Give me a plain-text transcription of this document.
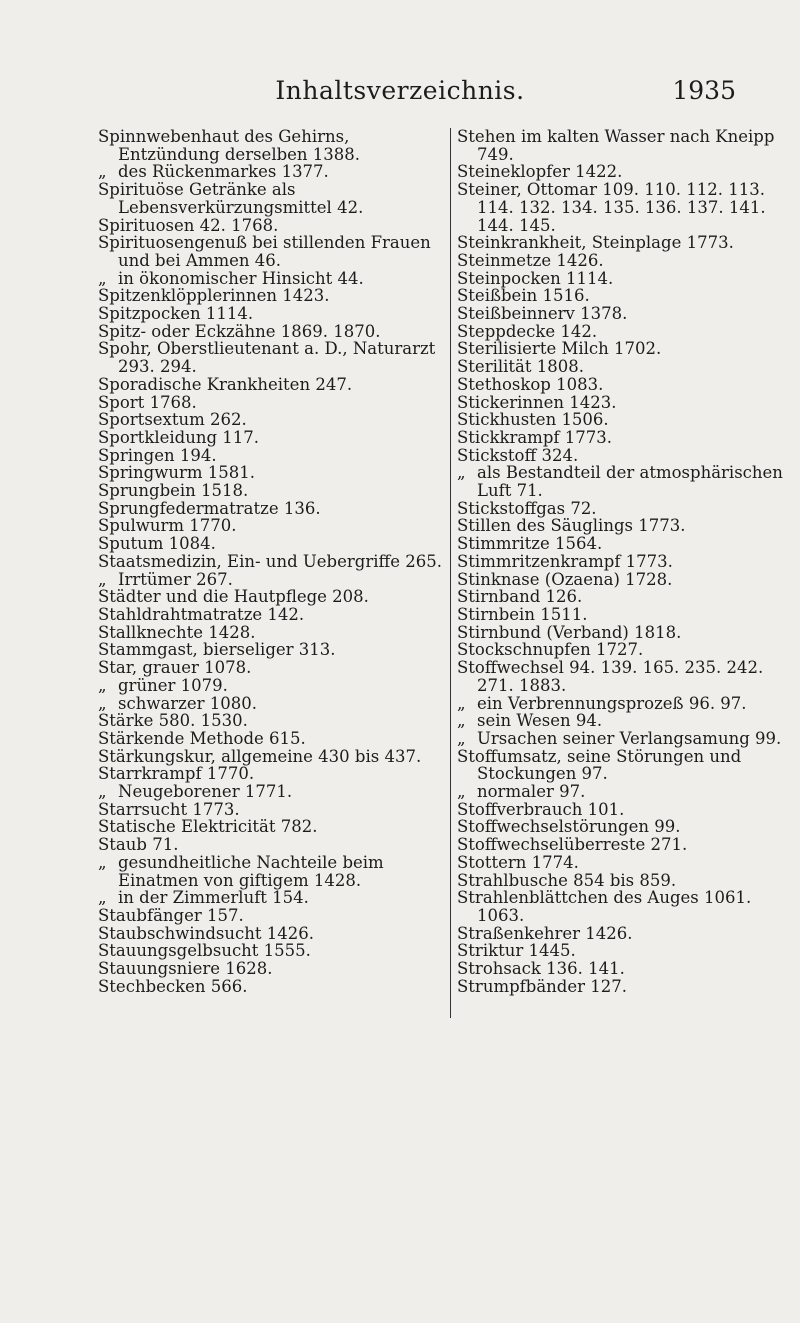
Inhaltsverzeichnis.	1935

Spinnwebenhaut des Gehirns, Entzündung derselben 1388.

„ des Rückenmarkes 1377.

Spirituöse Getränke als Lebensverkürzungsmittel 42.

Spirituosen 42. 1768.

Spirituosengenuß bei stillenden Frauen und bei Ammen 46.

„ in ökonomischer Hinsicht 44.

Spitzenklöpplerinnen 1423.

Spitzpocken 1114.

Spitz- oder Eckzähne 1869. 1870.

Spohr, Oberstlieutenant a. D., Naturarzt 293. 294.

Sporadische Krankheiten 247.

Sport 1768.

Sportsextum 262.

Sportkleidung 117.

Springen 194.

Springwurm 1581.

Sprungbein 1518.

Sprungfedermatratze 136.

Spulwurm 1770.

Sputum 1084.

Staatsmedizin, Ein- und Uebergriffe 265.

„ Irrtümer 267.

Städter und die Hautpflege 208.

Stahldrahtmatratze 142.

Stallknechte 1428.

Stammgast, bierseliger 313.

Star, grauer 1078.

„ grüner 1079.

„ schwarzer 1080.

Stärke 580. 1530.

Stärkende Methode 615.

Stärkungskur, allgemeine 430 bis 437.

Starrkrampf 1770.

„ Neugeborener 1771.

Starrsucht 1773.

Statische Elektricität 782.

Staub 71.

„ gesundheitliche Nachteile beim Einatmen von giftigem 1428.

„ in der Zimmerluft 154.

Staubfänger 157.

Staubschwindsucht 1426.

Stauungsgelbsucht 1555.

Stauungsniere 1628.

Stechbecken 566.

Stehen im kalten Wasser nach Kneipp 749.

Steineklopfer 1422.

Steiner, Ottomar 109. 110. 112. 113. 114. 132. 134. 135. 136. 137. 141. 144. 145.

Steinkrankheit, Steinplage 1773.

Steinmetze 1426.

Steinpocken 1114.

Steißbein 1516.

Steißbeinnerv 1378.

Steppdecke 142.

Sterilisierte Milch 1702.

Sterilität 1808.

Stethoskop 1083.

Stickerinnen 1423.

Stickhusten 1506.

Stickkrampf 1773.

Stickstoff 324.

„ als Bestandteil der atmosphärischen Luft 71.

Stickstoffgas 72.

Stillen des Säuglings 1773.

Stimmritze 1564.

Stimmritzenkrampf 1773.

Stinknase (Ozaena) 1728.

Stirnband 126.

Stirnbein 1511.

Stirnbund (Verband) 1818.

Stockschnupfen 1727.

Stoffwechsel 94. 139. 165. 235. 242. 271. 1883.

„ ein Verbrennungsprozeß 96. 97.

„ sein Wesen 94.

„ Ursachen seiner Verlangsamung 99.

Stoffumsatz, seine Störungen und Stockungen 97.

„ normaler 97.

Stoffverbrauch 101.

Stoffwechselstörungen 99.

Stoffwechselüberreste 271.

Stottern 1774.

Strahlbusche 854 bis 859.

Strahlenblättchen des Auges 1061. 1063.

Straßenkehrer 1426.

Striktur 1445.

Strohsack 136. 141.

Strumpfbänder 127.
